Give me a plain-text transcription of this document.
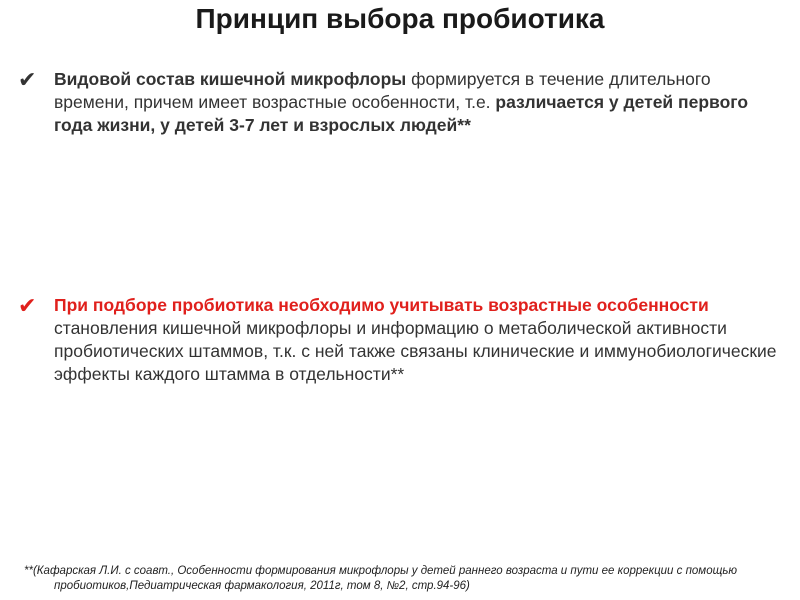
Принцип выбора пробиотика
✔	Видовой состав кишечной микрофлоры формируется в течение длительного времени, причем имеет возрастные особенности, т.е. различается у детей первого года жизни, у детей 3-7 лет и взрослых людей**
✔	При подборе пробиотика необходимо учитывать возрастные особенности становления кишечной микрофлоры и информацию о метаболической активности пробиотических штаммов, т.к. с ней также связаны клинические и иммунобиологические эффекты каждого штамма в отдельности**
**(Кафарская Л.И. с соавт., Особенности формирования микрофлоры у детей раннего возраста и пути ее коррекции с помощью
пробиотиков,Педиатрическая фармакология, 2011г, том 8, №2, стр.94-96)
